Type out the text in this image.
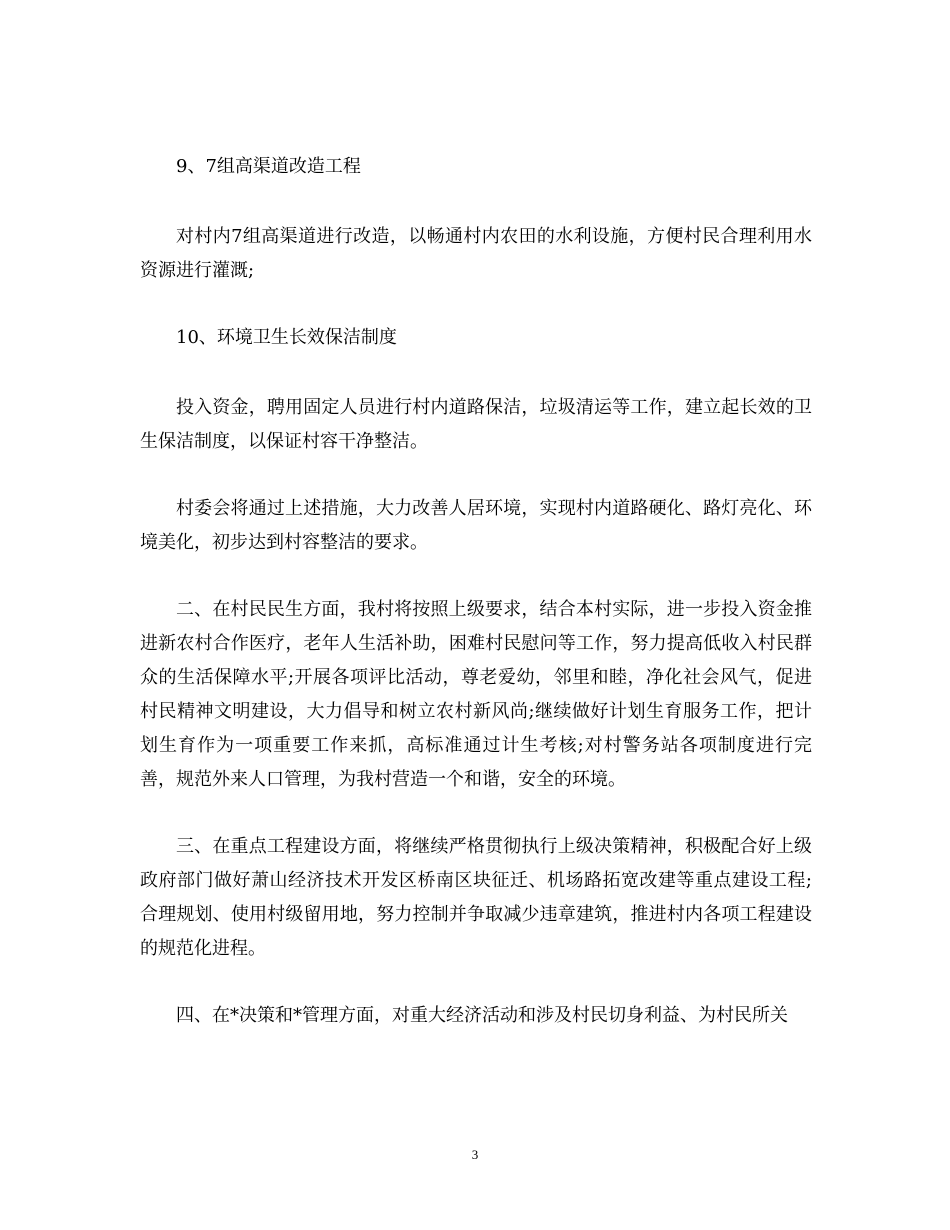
9、7组高渠道改造工程

对村内7组高渠道进行改造，以畅通村内农田的水利设施，方便村民合理利用水资源进行灌溉;

10、环境卫生长效保洁制度

投入资金，聘用固定人员进行村内道路保洁，垃圾清运等工作，建立起长效的卫生保洁制度，以保证村容干净整洁。

村委会将通过上述措施，大力改善人居环境，实现村内道路硬化、路灯亮化、环境美化，初步达到村容整洁的要求。

二、在村民民生方面，我村将按照上级要求，结合本村实际，进一步投入资金推进新农村合作医疗，老年人生活补助，困难村民慰问等工作，努力提高低收入村民群众的生活保障水平;开展各项评比活动，尊老爱幼，邻里和睦，净化社会风气，促进村民精神文明建设，大力倡导和树立农村新风尚;继续做好计划生育服务工作，把计划生育作为一项重要工作来抓，高标准通过计生考核;对村警务站各项制度进行完善，规范外来人口管理，为我村营造一个和谐，安全的环境。

三、在重点工程建设方面，将继续严格贯彻执行上级决策精神，积极配合好上级政府部门做好萧山经济技术开发区桥南区块征迁、机场路拓宽改建等重点建设工程;合理规划、使用村级留用地，努力控制并争取减少违章建筑，推进村内各项工程建设的规范化进程。

四、在*决策和*管理方面，对重大经济活动和涉及村民切身利益、为村民所关

3
